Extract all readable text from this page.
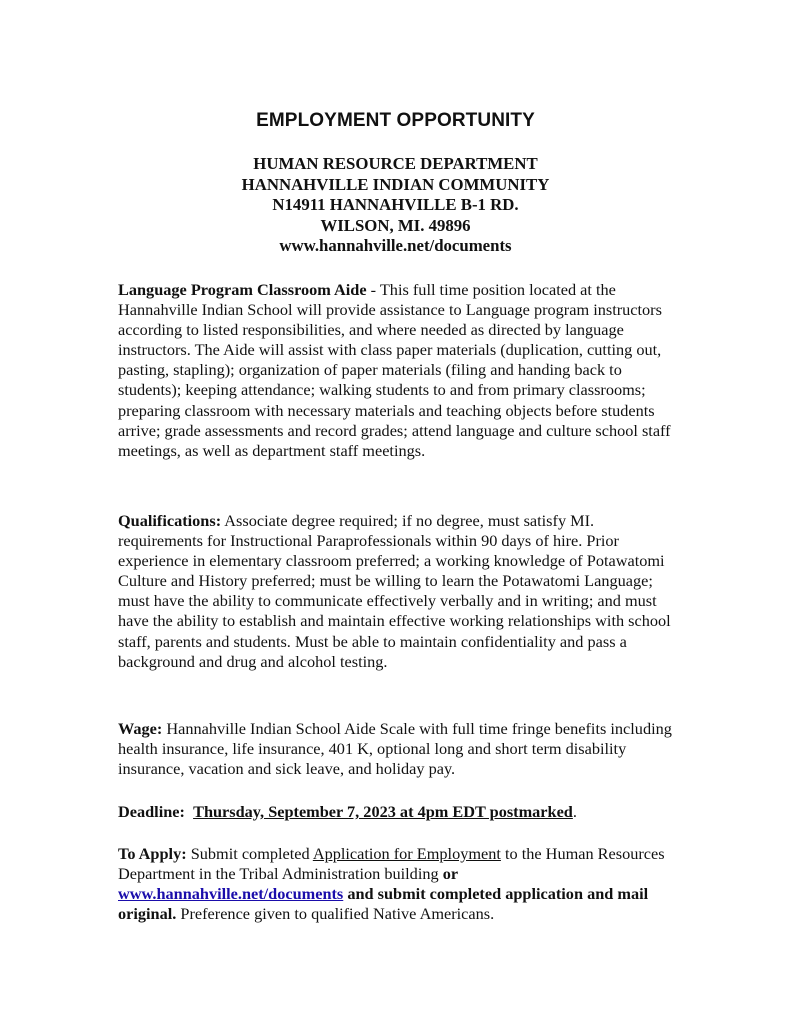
EMPLOYMENT OPPORTUNITY
HUMAN RESOURCE DEPARTMENT
HANNAHVILLE INDIAN COMMUNITY
N14911 HANNAHVILLE B-1 RD.
WILSON, MI. 49896
www.hannahville.net/documents

Language Program Classroom Aide - This full time position located at the Hannahville Indian School will provide assistance to Language program instructors according to listed responsibilities, and where needed as directed by language instructors. The Aide will assist with class paper materials (duplication, cutting out, pasting, stapling); organization of paper materials (filing and handing back to students); keeping attendance; walking students to and from primary classrooms; preparing classroom with necessary materials and teaching objects before students arrive; grade assessments and record grades; attend language and culture school staff meetings, as well as department staff meetings.

Qualifications: Associate degree required; if no degree, must satisfy MI. requirements for Instructional Paraprofessionals within 90 days of hire. Prior experience in elementary classroom preferred; a working knowledge of Potawatomi Culture and History preferred; must be willing to learn the Potawatomi Language; must have the ability to communicate effectively verbally and in writing; and must have the ability to establish and maintain effective working relationships with school staff, parents and students. Must be able to maintain confidentiality and pass a background and drug and alcohol testing.

Wage: Hannahville Indian School Aide Scale with full time fringe benefits including health insurance, life insurance, 401 K, optional long and short term disability insurance, vacation and sick leave, and holiday pay.

Deadline: Thursday, September 7, 2023 at 4pm EDT postmarked.

To Apply: Submit completed Application for Employment to the Human Resources Department in the Tribal Administration building or
www.hannahville.net/documents and submit completed application and mail original. Preference given to qualified Native Americans.
